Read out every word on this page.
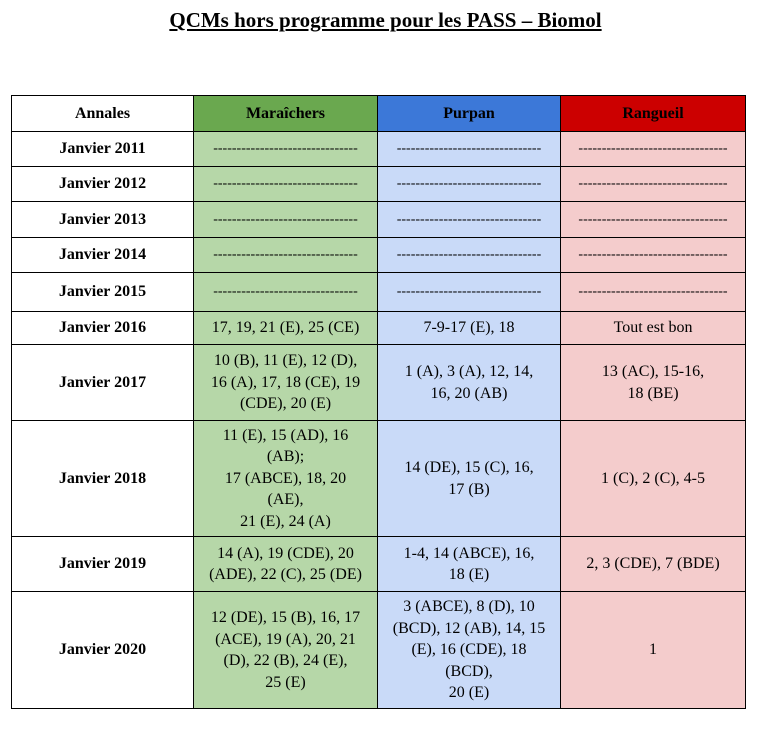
QCMs hors programme pour les PASS – Biomol
Annales	Maraîchers	Purpan	Rangueil
Janvier 2011	-------------------------------	-------------------------------	--------------------------------
Janvier 2012	-------------------------------	-------------------------------	--------------------------------
Janvier 2013	-------------------------------	-------------------------------	--------------------------------
Janvier 2014	-------------------------------	-------------------------------	--------------------------------
Janvier 2015	-------------------------------	-------------------------------	--------------------------------
Janvier 2016	17, 19, 21 (E), 25 (CE)	7-9-17 (E), 18	Tout est bon
Janvier 2017	10 (B), 11 (E), 12 (D),
16 (A), 17, 18 (CE), 19
(CDE), 20 (E)	1 (A), 3 (A), 12, 14,
16, 20 (AB)	13 (AC), 15-16,
18 (BE)
Janvier 2018	11 (E), 15 (AD), 16
(AB);
17 (ABCE), 18, 20
(AE),
21 (E), 24 (A)	14 (DE), 15 (C), 16,
17 (B)	1 (C), 2 (C), 4-5
Janvier 2019	14 (A), 19 (CDE), 20
(ADE), 22 (C), 25 (DE)	1-4, 14 (ABCE), 16,
18 (E)	2, 3 (CDE), 7 (BDE)
Janvier 2020	12 (DE), 15 (B), 16, 17
(ACE), 19 (A), 20, 21
(D), 22 (B), 24 (E),
25 (E)	3 (ABCE), 8 (D), 10
(BCD), 12 (AB), 14, 15
(E), 16 (CDE), 18
(BCD),
20 (E)	1
